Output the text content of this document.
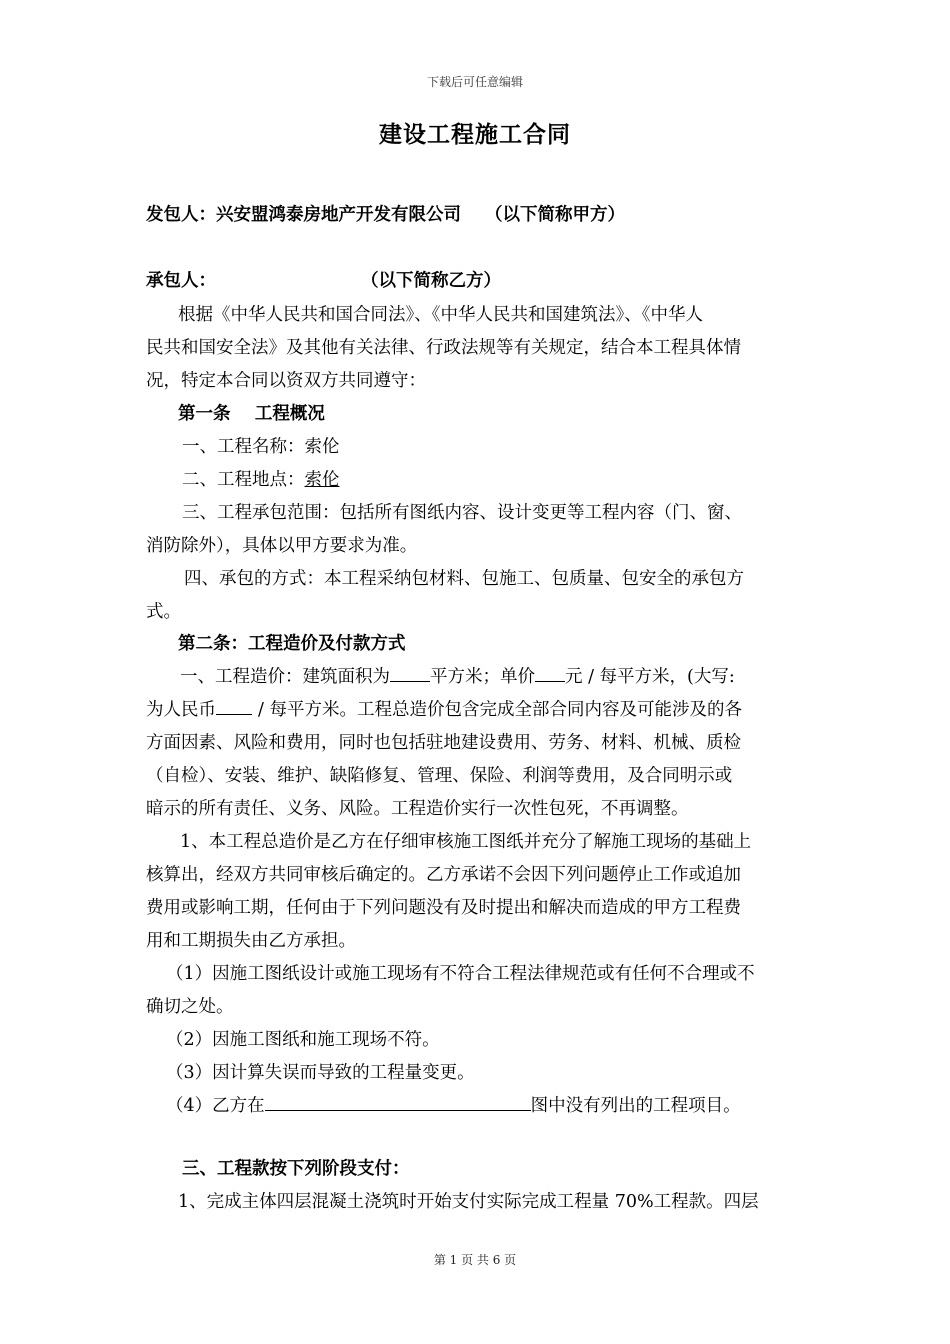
下载后可任意编辑
建设工程施工合同
发包人：兴安盟鸿泰房地产开发有限公司 （以下简称甲方）
承包人：	（以下简称乙方）
根据《中华人民共和国合同法》、《中华人民共和国建筑法》、《中华人
民共和国安全法》及其他有关法律、行政法规等有关规定，结合本工程具体情
况，特定本合同以资双方共同遵守：
第一条    工程概况
一、工程名称：索伦
二、工程地点：索伦
三、工程承包范围：包括所有图纸内容、设计变更等工程内容（门、窗、
消防除外），具体以甲方要求为准。
四、承包的方式：本工程采纳包材料、包施工、包质量、包安全的承包方
式。
第二条：工程造价及付款方式
一、工程造价：建筑面积为 平方米；单价 元 / 每平方米，(大写:
为人民币 / 每平方米。工程总造价包含完成全部合同内容及可能涉及的各
方面因素、风险和费用，同时也包括驻地建设费用、劳务、材料、机械、质检
（自检）、安装、维护、缺陷修复、管理、保险、利润等费用，及合同明示或
暗示的所有责任、义务、风险。工程造价实行一次性包死，不再调整。
1、本工程总造价是乙方在仔细审核施工图纸并充分了解施工现场的基础上
核算出，经双方共同审核后确定的。乙方承诺不会因下列问题停止工作或追加
费用或影响工期，任何由于下列问题没有及时提出和解决而造成的甲方工程费
用和工期损失由乙方承担。
（1）因施工图纸设计或施工现场有不符合工程法律规范或有任何不合理或不
确切之处。
（2）因施工图纸和施工现场不符。
（3）因计算失误而导致的工程量变更。
（4）乙方在	图中没有列出的工程项目。
三、工程款按下列阶段支付：
1、完成主体四层混凝土浇筑时开始支付实际完成工程量 70%工程款。四层
第 1 页 共 6 页
